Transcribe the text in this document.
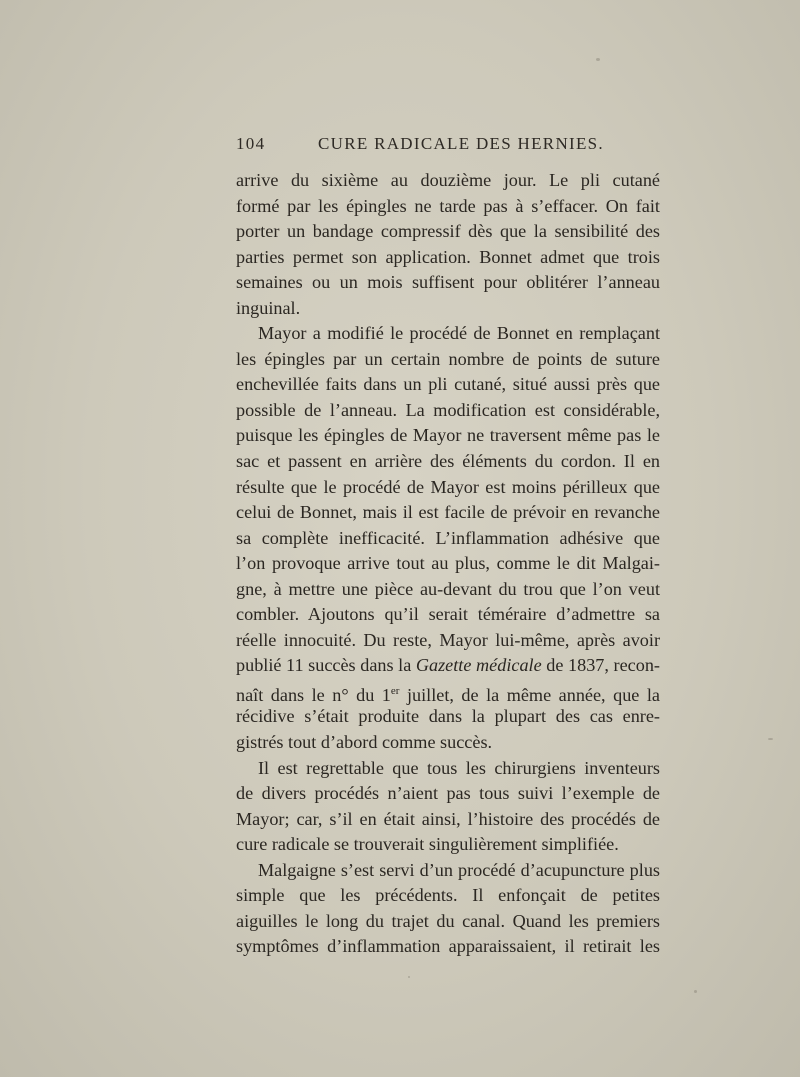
104	CURE RADICALE DES HERNIES.
arrive du sixième au douzième jour. Le pli cutané
formé par les épingles ne tarde pas à s’effacer. On fait
porter un bandage compressif dès que la sensibilité des
parties permet son application. Bonnet admet que trois
semaines ou un mois suffisent pour oblitérer l’anneau
inguinal.
Mayor a modifié le procédé de Bonnet en remplaçant
les épingles par un certain nombre de points de suture
enchevillée faits dans un pli cutané, situé aussi près que
possible de l’anneau. La modification est considérable,
puisque les épingles de Mayor ne traversent même pas le
sac et passent en arrière des éléments du cordon. Il en
résulte que le procédé de Mayor est moins périlleux que
celui de Bonnet, mais il est facile de prévoir en revanche
sa complète inefficacité. L’inflammation adhésive que
l’on provoque arrive tout au plus, comme le dit Malgai-
gne, à mettre une pièce au-devant du trou que l’on veut
combler. Ajoutons qu’il serait téméraire d’admettre sa
réelle innocuité. Du reste, Mayor lui-même, après avoir
publié 11 succès dans la Gazette médicale de 1837, recon-
naît dans le n° du 1er juillet, de la même année, que la
récidive s’était produite dans la plupart des cas enre-
gistrés tout d’abord comme succès.
Il est regrettable que tous les chirurgiens inventeurs
de divers procédés n’aient pas tous suivi l’exemple de
Mayor; car, s’il en était ainsi, l’histoire des procédés de
cure radicale se trouverait singulièrement simplifiée.
Malgaigne s’est servi d’un procédé d’acupuncture plus
simple que les précédents. Il enfonçait de petites
aiguilles le long du trajet du canal. Quand les premiers
symptômes d’inflammation apparaissaient, il retirait les
